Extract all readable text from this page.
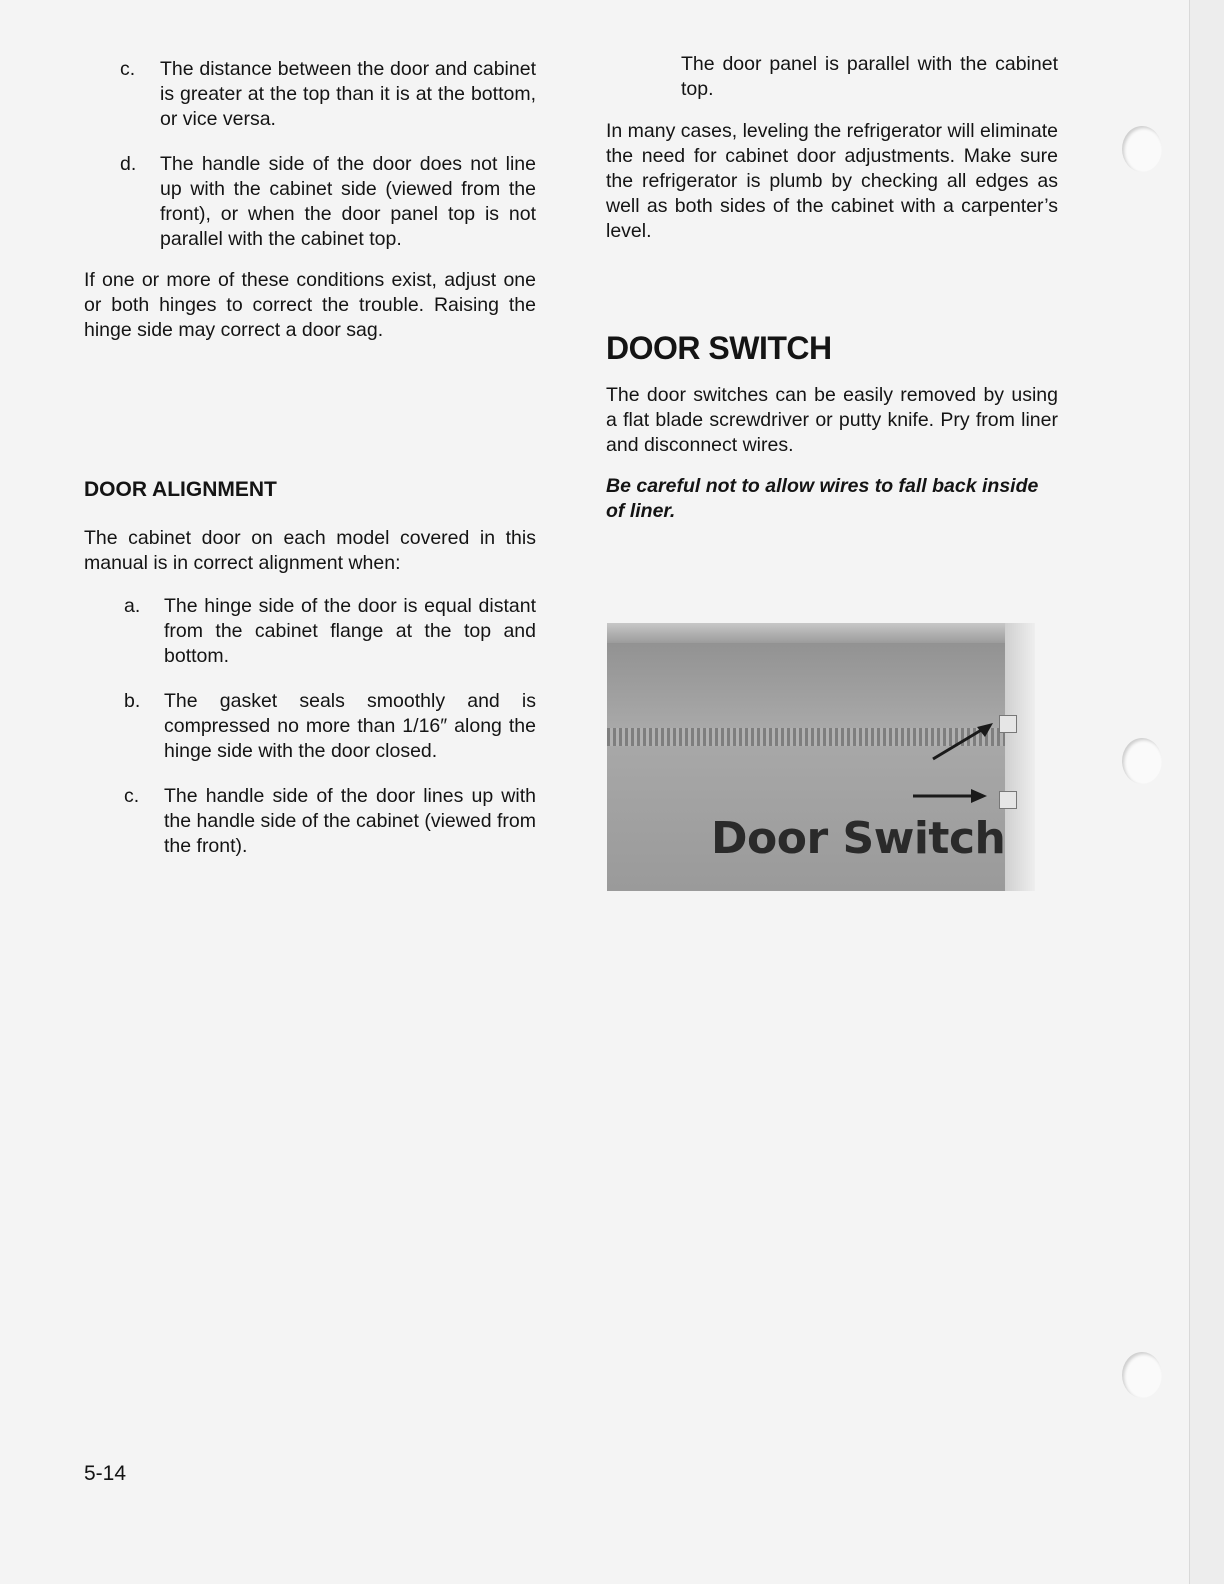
c. The distance between the door and cabinet is greater at the top than it is at the bottom, or vice versa.

d. The handle side of the door does not line up with the cabinet side (viewed from the front), or when the door panel top is not parallel with the cabinet top.

If one or more of these conditions exist, adjust one or both hinges to correct the trouble. Raising the hinge side may correct a door sag.

DOOR ALIGNMENT

The cabinet door on each model covered in this manual is in correct alignment when:

a. The hinge side of the door is equal distant from the cabinet flange at the top and bottom.

b. The gasket seals smoothly and is compressed no more than 1/16″ along the hinge side with the door closed.

c. The handle side of the door lines up with the handle side of the cabinet (viewed from the front).

The door panel is parallel with the cabinet top.

In many cases, leveling the refrigerator will eliminate the need for cabinet door adjustments. Make sure the refrigerator is plumb by checking all edges as well as both sides of the cabinet with a carpenter’s level.

DOOR SWITCH

The door switches can be easily removed by using a flat blade screwdriver or putty knife. Pry from liner and disconnect wires.

Be careful not to allow wires to fall back inside of liner.

Door Switch
5-14
